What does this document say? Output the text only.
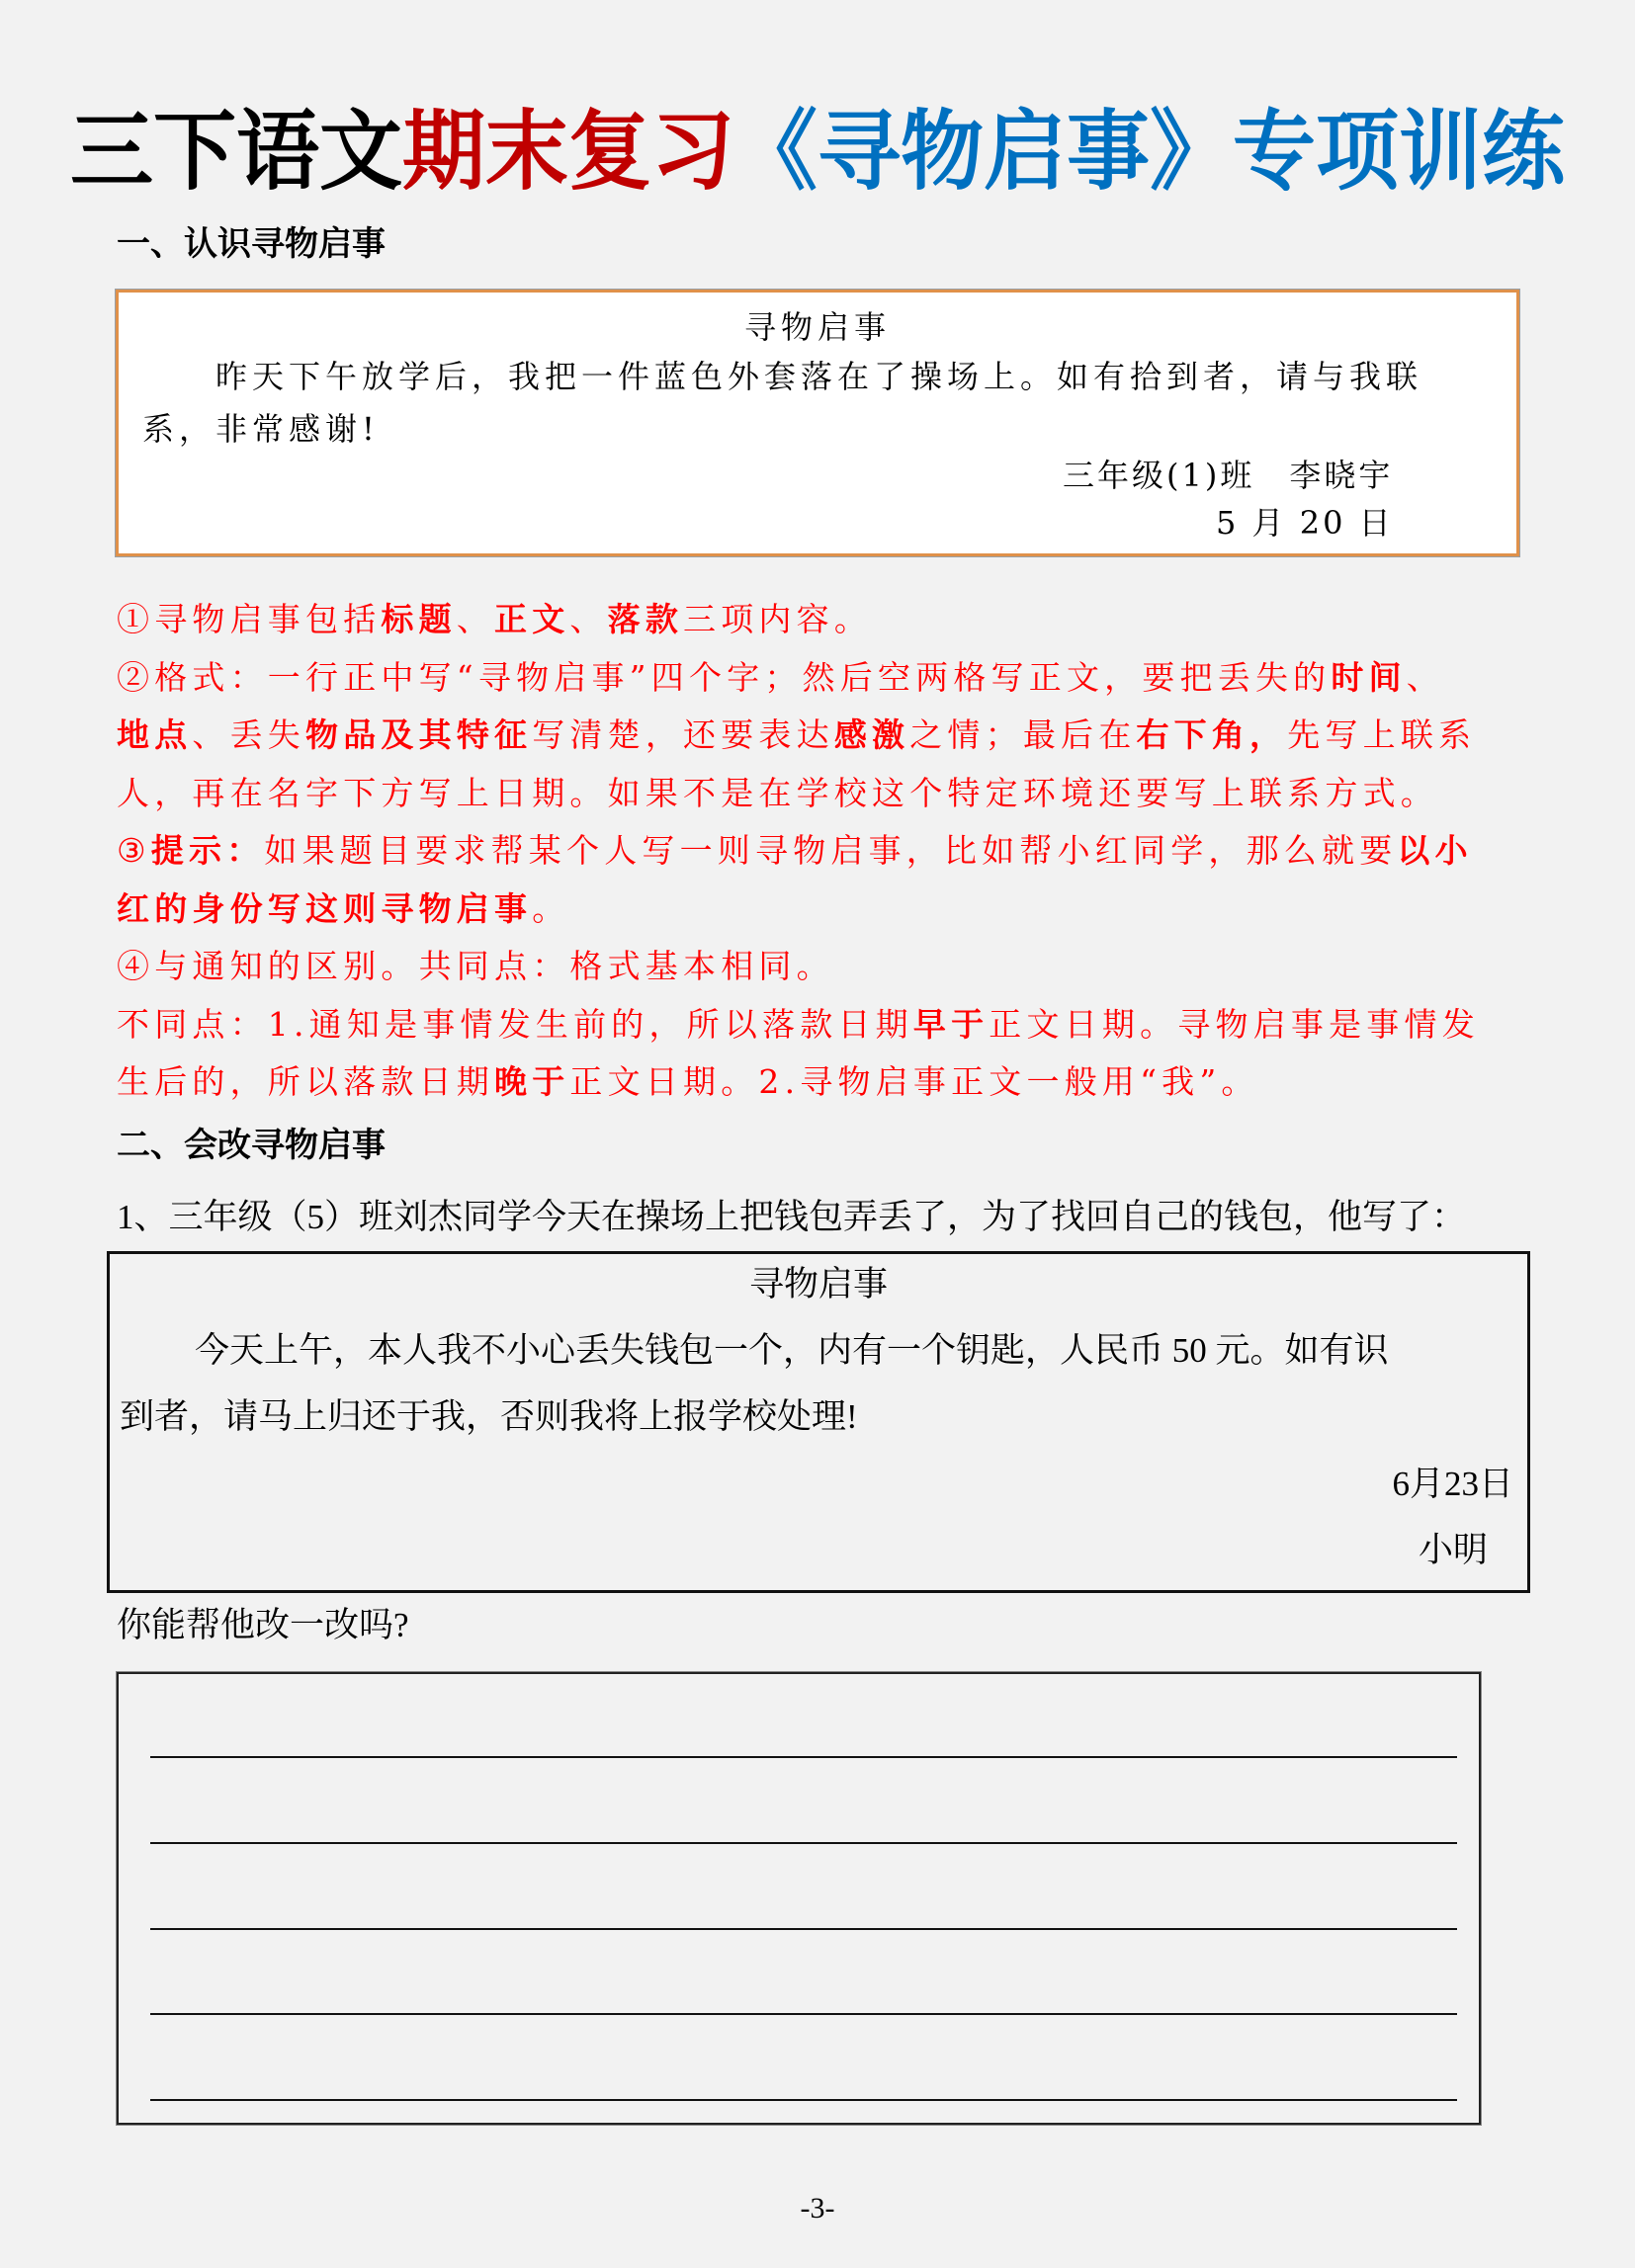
三下语文期末复习《寻物启事》专项训练
一、认识寻物启事
寻物启事
昨天下午放学后，我把一件蓝色外套落在了操场上。如有拾到者，请与我联
系，非常感谢!
三年级(1)班　李晓宇
5 月 20 日

①寻物启事包括标题、正文、落款三项内容。

②格式：一行正中写“寻物启事”四个字；然后空两格写正文，要把丢失的时间、

地点、丢失物品及其特征写清楚，还要表达感激之情；最后在右下角，先写上联系

人，再在名字下方写上日期。如果不是在学校这个特定环境还要写上联系方式。

③提示：如果题目要求帮某个人写一则寻物启事，比如帮小红同学，那么就要以小

红的身份写这则寻物启事。

④与通知的区别。共同点：格式基本相同。

不同点：1.通知是事情发生前的，所以落款日期早于正文日期。寻物启事是事情发

生后的，所以落款日期晚于正文日期。2.寻物启事正文一般用“我”。

二、会改寻物启事
1、三年级（5）班刘杰同学今天在操场上把钱包弄丢了，为了找回自己的钱包，他写了：
寻物启事
今天上午，本人我不小心丢失钱包一个，内有一个钥匙，人民币 50 元。如有识
到者，请马上归还于我，否则我将上报学校处理!
6月23日
小明
你能帮他改一改吗?
-3-
